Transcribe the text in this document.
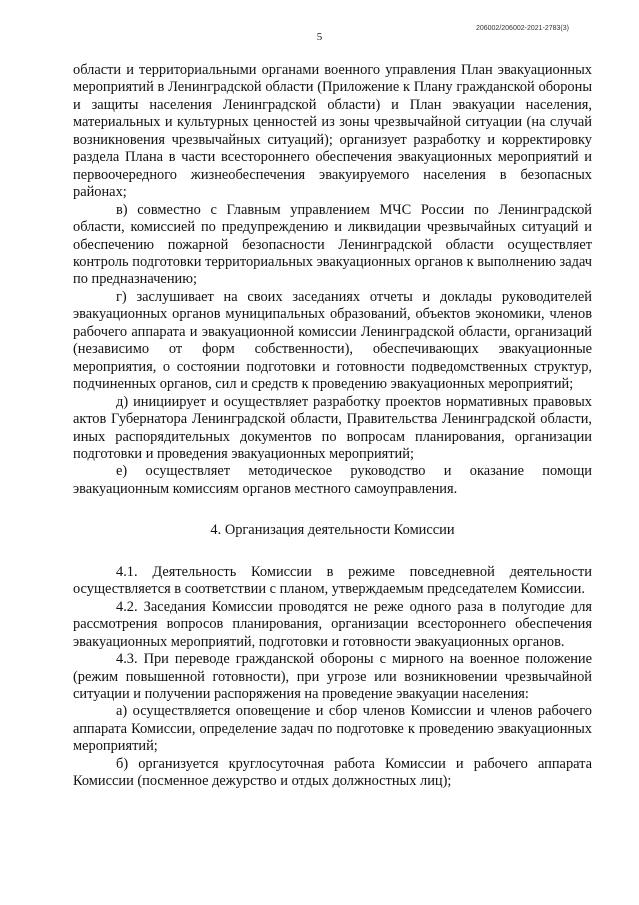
206002/206002-2021-2783(3)
5

области и территориальными органами военного управления План эвакуационных мероприятий в Ленинградской области (Приложение к Плану гражданской обороны и защиты населения Ленинградской области) и План эвакуации населения, материальных и культурных ценностей из зоны чрезвычайной ситуации (на случай возникновения чрезвычайных ситуаций); организует разработку и корректировку раздела Плана в части всестороннего обеспечения эвакуационных мероприятий и первоочередного жизнеобеспечения эвакуируемого населения в безопасных районах;

в) совместно с Главным управлением МЧС России по Ленинградской области, комиссией по предупреждению и ликвидации чрезвычайных ситуаций и обеспечению пожарной безопасности Ленинградской области осуществляет контроль подготовки территориальных эвакуационных органов к выполнению задач по предназначению;

г) заслушивает на своих заседаниях отчеты и доклады руководителей эвакуационных органов муниципальных образований, объектов экономики, членов рабочего аппарата и эвакуационной комиссии Ленинградской области, организаций (независимо от форм собственности), обеспечивающих эвакуационные мероприятия, о состоянии подготовки и готовности подведомственных структур, подчиненных органов, сил и средств к проведению эвакуационных мероприятий;

д) инициирует и осуществляет разработку проектов нормативных правовых актов Губернатора Ленинградской области, Правительства Ленинградской области, иных распорядительных документов по вопросам планирования, организации подготовки и проведения эвакуационных мероприятий;

е) осуществляет методическое руководство и оказание помощи эвакуационным комиссиям органов местного самоуправления.

4. Организация деятельности Комиссии

4.1. Деятельность Комиссии в режиме повседневной деятельности осуществляется в соответствии с планом, утверждаемым председателем Комиссии.

4.2. Заседания Комиссии проводятся не реже одного раза в полугодие для рассмотрения вопросов планирования, организации всестороннего обеспечения эвакуационных мероприятий, подготовки и готовности эвакуационных органов.

4.3. При переводе гражданской обороны с мирного на военное положение (режим повышенной готовности), при угрозе или возникновении чрезвычайной ситуации и получении распоряжения на проведение эвакуации населения:

а) осуществляется оповещение и сбор членов Комиссии и членов рабочего аппарата Комиссии, определение задач по подготовке к проведению эвакуационных мероприятий;

б) организуется круглосуточная работа Комиссии и рабочего аппарата Комиссии (посменное дежурство и отдых должностных лиц);
